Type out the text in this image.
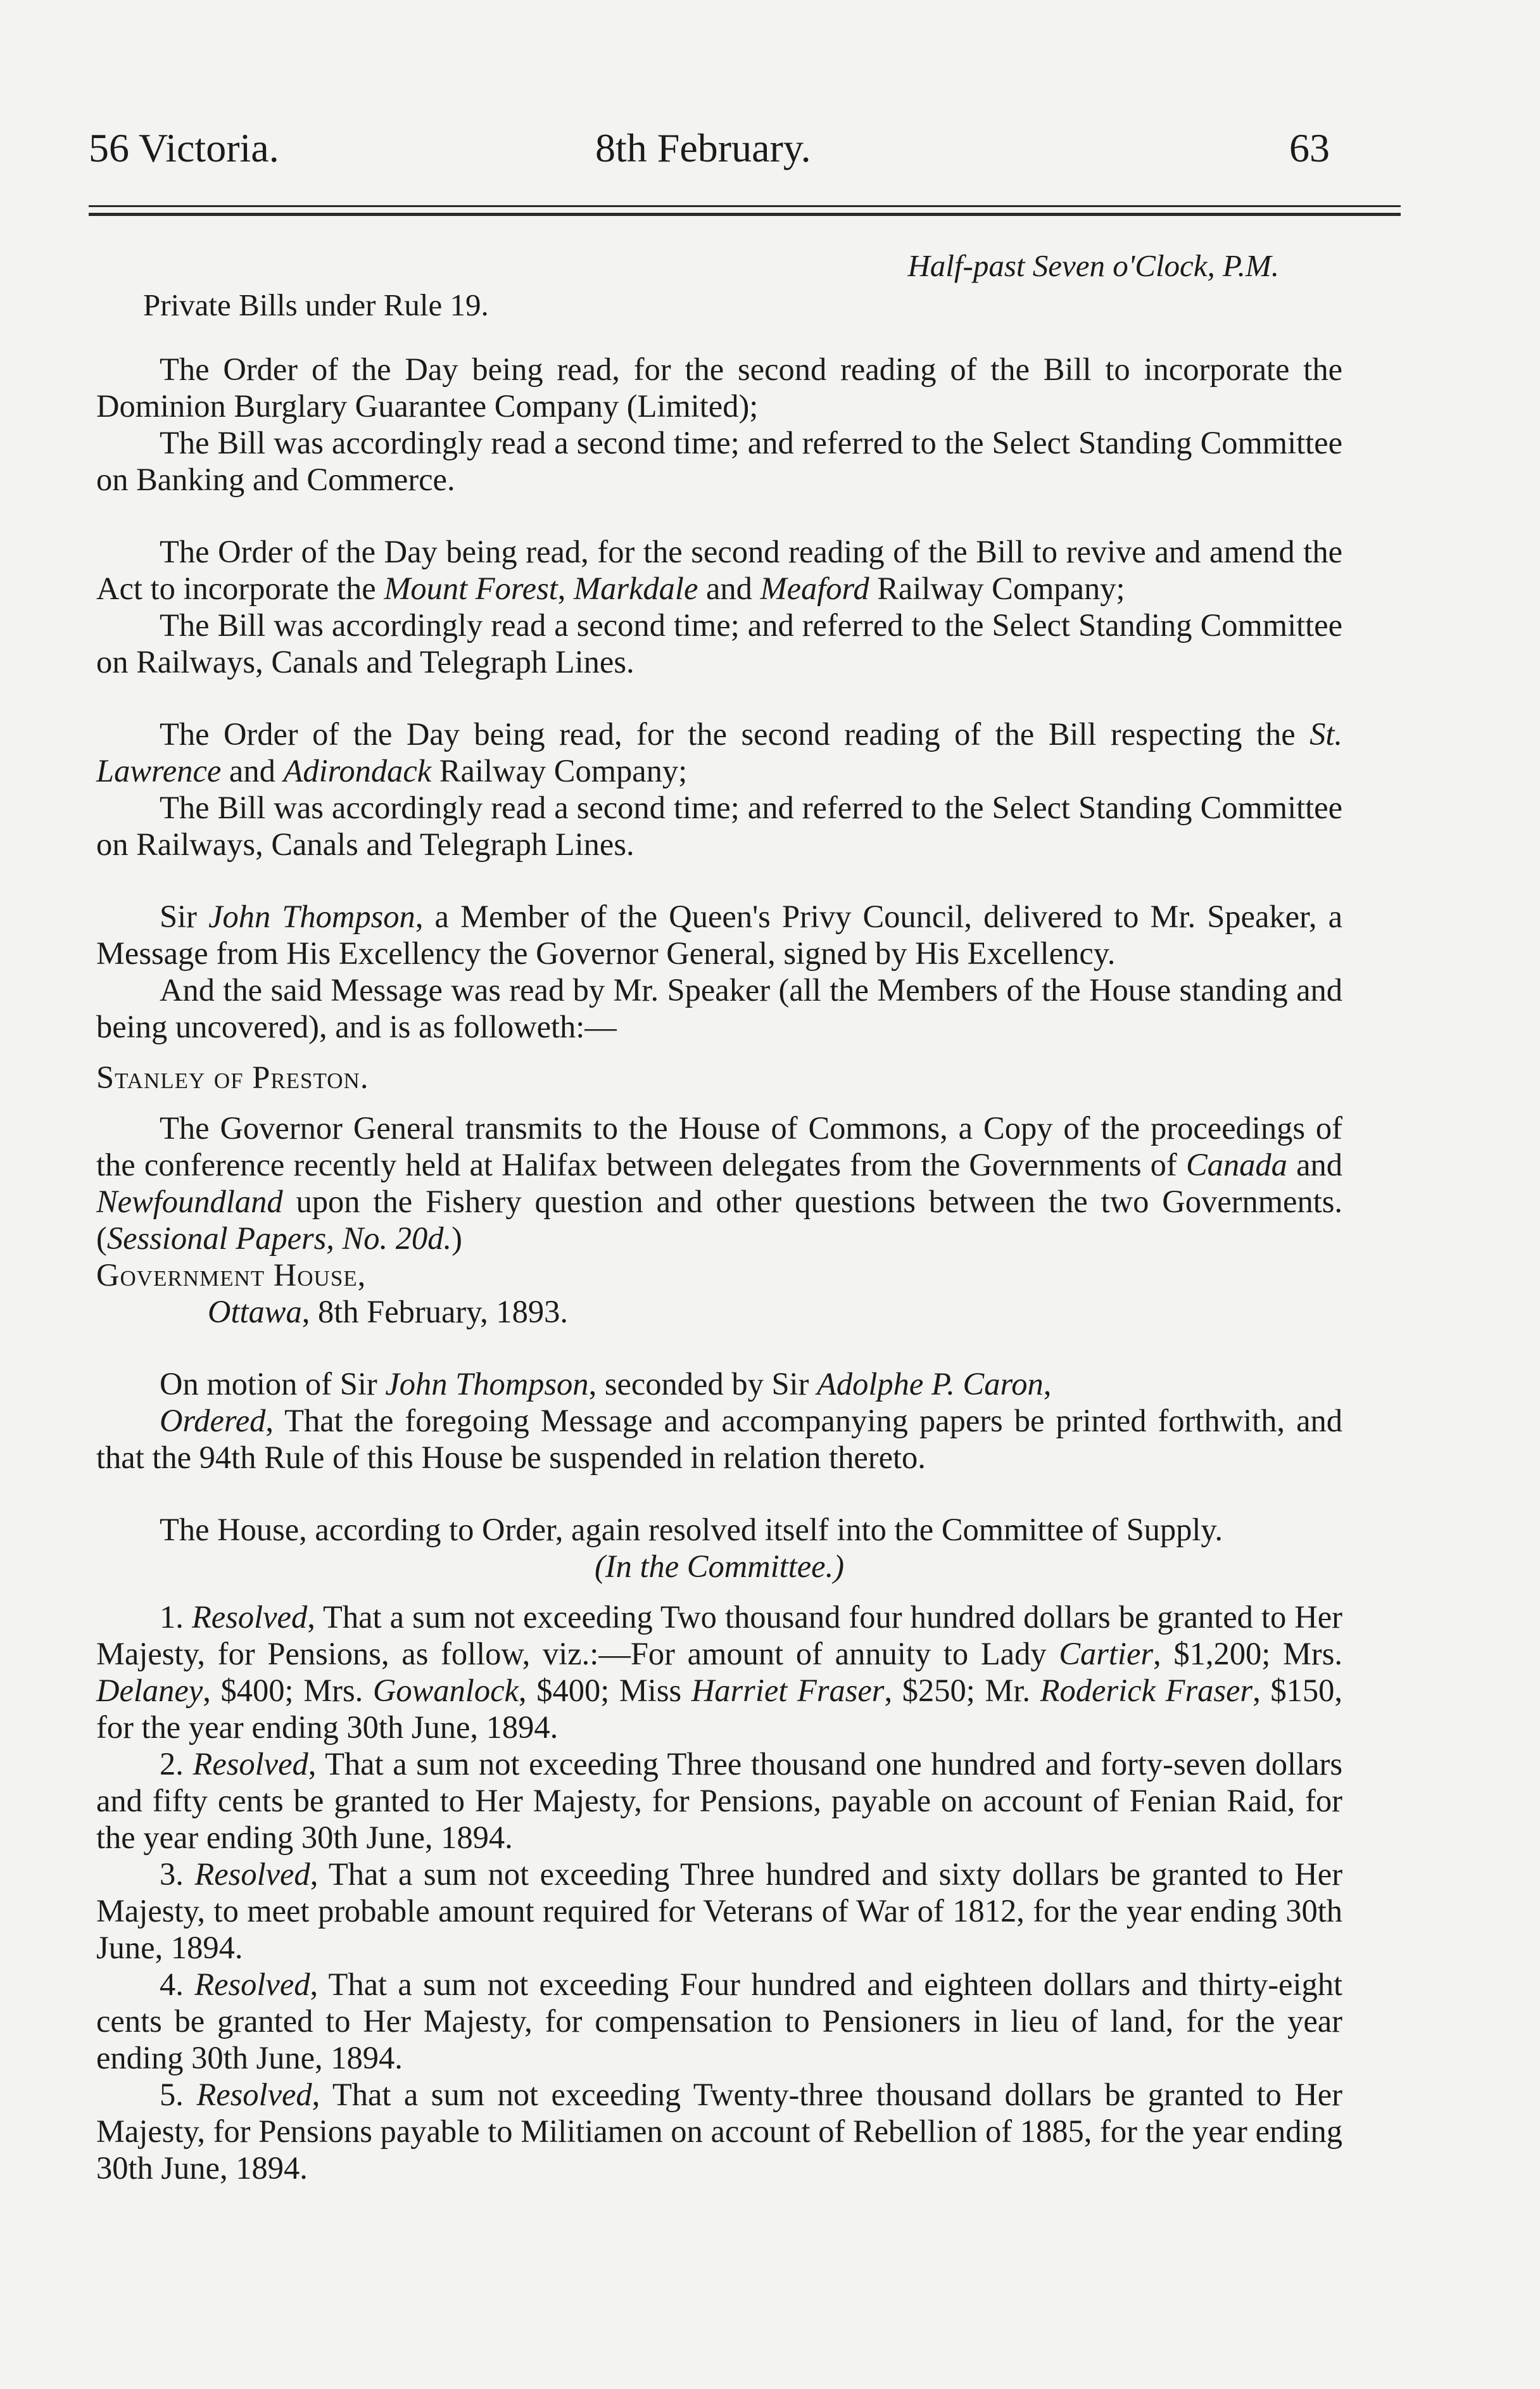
56 Victoria.	8th February.	63
Half-past Seven o'Clock, P.M.
Private Bills under Rule 19.

The Order of the Day being read, for the second reading of the Bill to incorporate the Dominion Burglary Guarantee Company (Limited);

The Bill was accordingly read a second time; and referred to the Select Standing Committee on Banking and Commerce.

The Order of the Day being read, for the second reading of the Bill to revive and amend the Act to incorporate the Mount Forest, Markdale and Meaford Railway Company;

The Bill was accordingly read a second time; and referred to the Select Standing Committee on Railways, Canals and Telegraph Lines.

The Order of the Day being read, for the second reading of the Bill respecting the St. Lawrence and Adirondack Railway Company;

The Bill was accordingly read a second time; and referred to the Select Standing Committee on Railways, Canals and Telegraph Lines.

Sir John Thompson, a Member of the Queen's Privy Council, delivered to Mr. Speaker, a Message from His Excellency the Governor General, signed by His Excellency.

And the said Message was read by Mr. Speaker (all the Members of the House standing and being uncovered), and is as followeth:—

Stanley of Preston.

The Governor General transmits to the House of Commons, a Copy of the proceedings of the conference recently held at Halifax between delegates from the Governments of Canada and Newfoundland upon the Fishery question and other questions between the two Governments. (Sessional Papers, No. 20d.)

Government House,

Ottawa, 8th February, 1893.

On motion of Sir John Thompson, seconded by Sir Adolphe P. Caron,

Ordered, That the foregoing Message and accompanying papers be printed forthwith, and that the 94th Rule of this House be suspended in relation thereto.

The House, according to Order, again resolved itself into the Committee of Supply.

(In the Committee.)

1. Resolved, That a sum not exceeding Two thousand four hundred dollars be granted to Her Majesty, for Pensions, as follow, viz.:—For amount of annuity to Lady Cartier, $1,200; Mrs. Delaney, $400; Mrs. Gowanlock, $400; Miss Harriet Fraser, $250; Mr. Roderick Fraser, $150, for the year ending 30th June, 1894.

2. Resolved, That a sum not exceeding Three thousand one hundred and forty-seven dollars and fifty cents be granted to Her Majesty, for Pensions, payable on account of Fenian Raid, for the year ending 30th June, 1894.

3. Resolved, That a sum not exceeding Three hundred and sixty dollars be granted to Her Majesty, to meet probable amount required for Veterans of War of 1812, for the year ending 30th June, 1894.

4. Resolved, That a sum not exceeding Four hundred and eighteen dollars and thirty-eight cents be granted to Her Majesty, for compensation to Pensioners in lieu of land, for the year ending 30th June, 1894.

5. Resolved, That a sum not exceeding Twenty-three thousand dollars be granted to Her Majesty, for Pensions payable to Militiamen on account of Rebellion of 1885, for the year ending 30th June, 1894.
